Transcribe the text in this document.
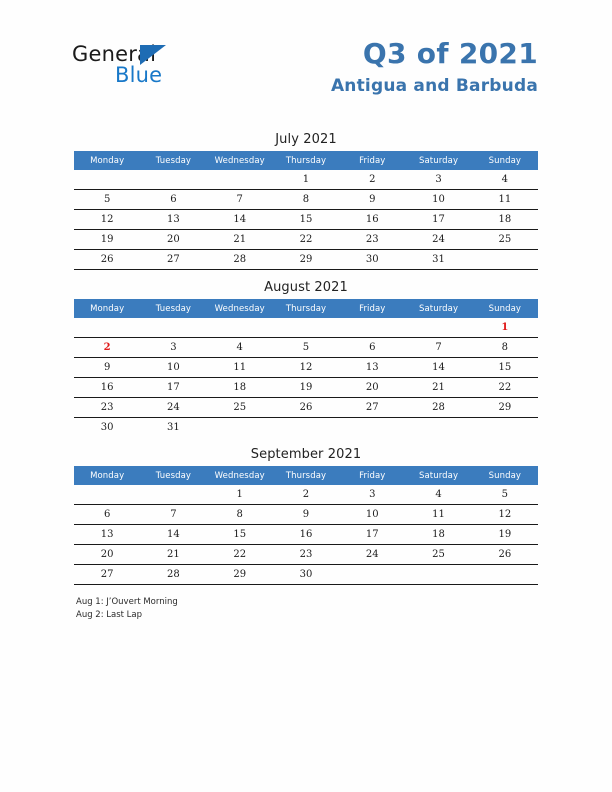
General
Blue
Q3 of 2021
Antigua and Barbuda
July 2021
Monday	Tuesday	Wednesday	Thursday	Friday	Saturday	Sunday
			1	2	3	4
5	6	7	8	9	10	11
12	13	14	15	16	17	18
19	20	21	22	23	24	25
26	27	28	29	30	31	
August 2021
Monday	Tuesday	Wednesday	Thursday	Friday	Saturday	Sunday
						1
2	3	4	5	6	7	8
9	10	11	12	13	14	15
16	17	18	19	20	21	22
23	24	25	26	27	28	29
30	31					
September 2021
Monday	Tuesday	Wednesday	Thursday	Friday	Saturday	Sunday
		1	2	3	4	5
6	7	8	9	10	11	12
13	14	15	16	17	18	19
20	21	22	23	24	25	26
27	28	29	30			
Aug 1: J’Ouvert Morning
Aug 2: Last Lap
